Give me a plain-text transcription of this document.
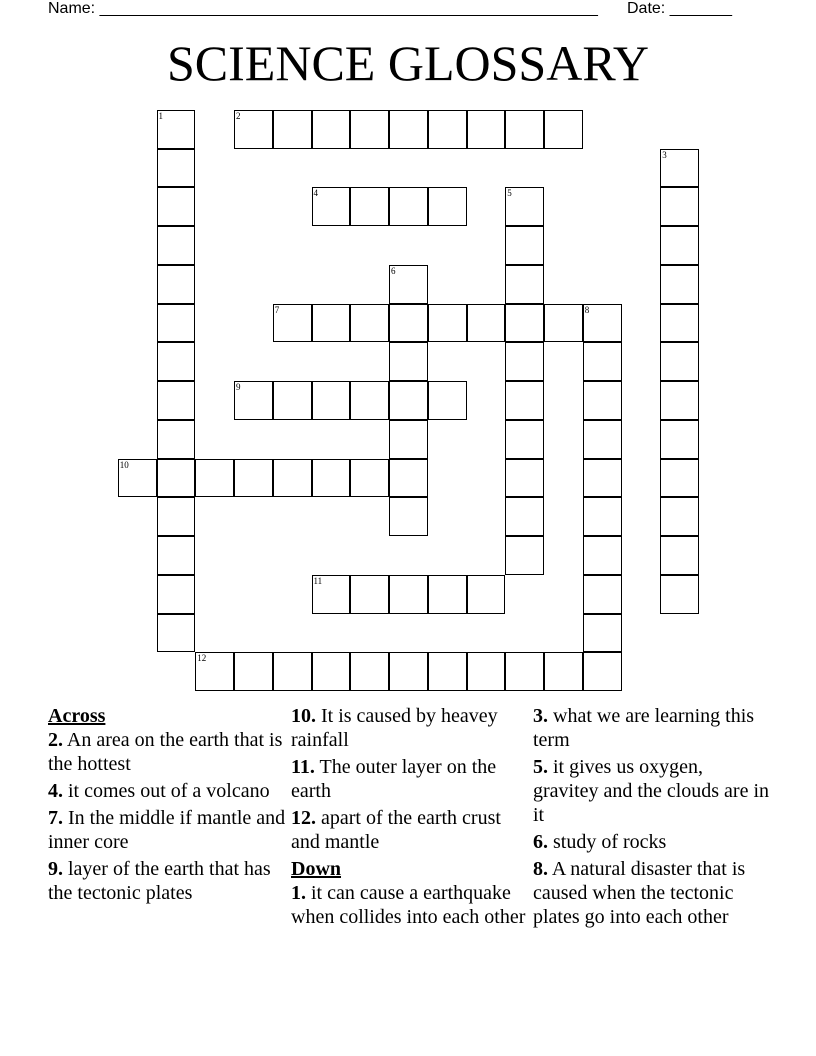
Name: ________________________________________________________ Date: _______
SCIENCE GLOSSARY
1	2
3
4	5
6
7	8
9
10
11
12
Across
2. An area on the earth that is the hottest
4. it comes out of a volcano
7. In the middle if mantle and inner core
9. layer of the earth that has the tectonic plates
10. It is caused by heavey rainfall
11. The outer layer on the earth
12. apart of the earth crust and mantle
Down
1. it can cause a earthquake when collides into each other
3. what we are learning this term
5. it gives us oxygen, gravitey and the clouds are in it
6. study of rocks
8. A natural disaster that is caused when the tectonic plates go into each other
